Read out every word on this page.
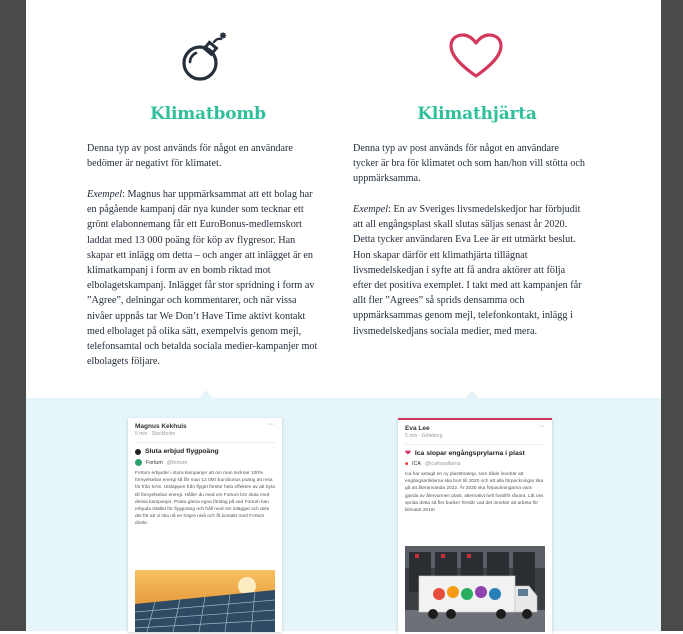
Klimatbomb

Denna typ av post används för något en användare bedömer är negativt för klimatet.

Exempel: Magnus har uppmärksammat att ett bolag har en pågående kampanj där nya kunder som tecknar ett grönt elabonnemang får ett EuroBonus-medlemskort laddat med 13 000 poäng för köp av flygresor. Han skapar ett inlägg om detta – och anger att inlägget är en klimatkampanj i form av en bomb riktad mot elbolagetskampanj. Inlägget får stor spridning i form av ”Agree”, delningar och kommentarer, och när vissa nivåer uppnås tar We Don’t Have Time aktivt kontakt med elbolaget på olika sätt, exempelvis genom mejl, telefonsamtal och betalda sociala medier-kampanjer mot elbolagets följare.

Klimathjärta

Denna typ av post används för något en användare tycker är bra för klimatet och som han/hon vill stötta och uppmärksamma.

Exempel: En av Sveriges livsmedelskedjor har förbjudit att all engångsplast skall slutas säljas senast år 2020. Detta tycker användaren Eva Lee är ett utmärkt beslut. Hon skapar därför ett klimathjärta tillägnat livsmedelskedjan i syfte att få andra aktörer att följa efter det positiva exemplet. I takt med att kampanjen får allt fler ”Agrees” så sprids densamma och uppmärksammas genom mejl, telefonkontakt, inlägg i livsmedelskedjans sociala medier, med mera.

Magnus Kekhuis
5 min · Stockholm
···
Sluta erbjud flygpoäng
Fortum @fortum
Fortum erbjuder i stora kampanjer att om man tecknar 100% förnyelsebar energi så får man 13 000 Eurobonus poäng att resa för från SAS. Utsläppen från flyget förstör hela effekten av att byta till förnyelsebar energi. Håller du med om Fortum bör sluta med dessa kampanjer. Posta gärna egna förslag på vad Fortum kan erbjuda istället för flygpoäng och håll med om inlägget och dela det för att vi ska nå en högre nivå och få kontakt med Fortum direkt.
Eva Lee
5 min · Göteborg
···
❤ Ica slopar engångsprylarna i plast
■ ICA @icahandlarna
Ica har antagit en ny plaststrategi, som både innebär att engångsartiklarna ska bort till 2020 och att alla förpackningar ska gå att återanvända 2022. År 2030 ska förpackningarna vara gjorda av återvunnen plast, alternativt helt fossilfri råvara. Låt oss sprida detta så fler butiker förstår vad det innebär att arbeta för klimatet 2018!
